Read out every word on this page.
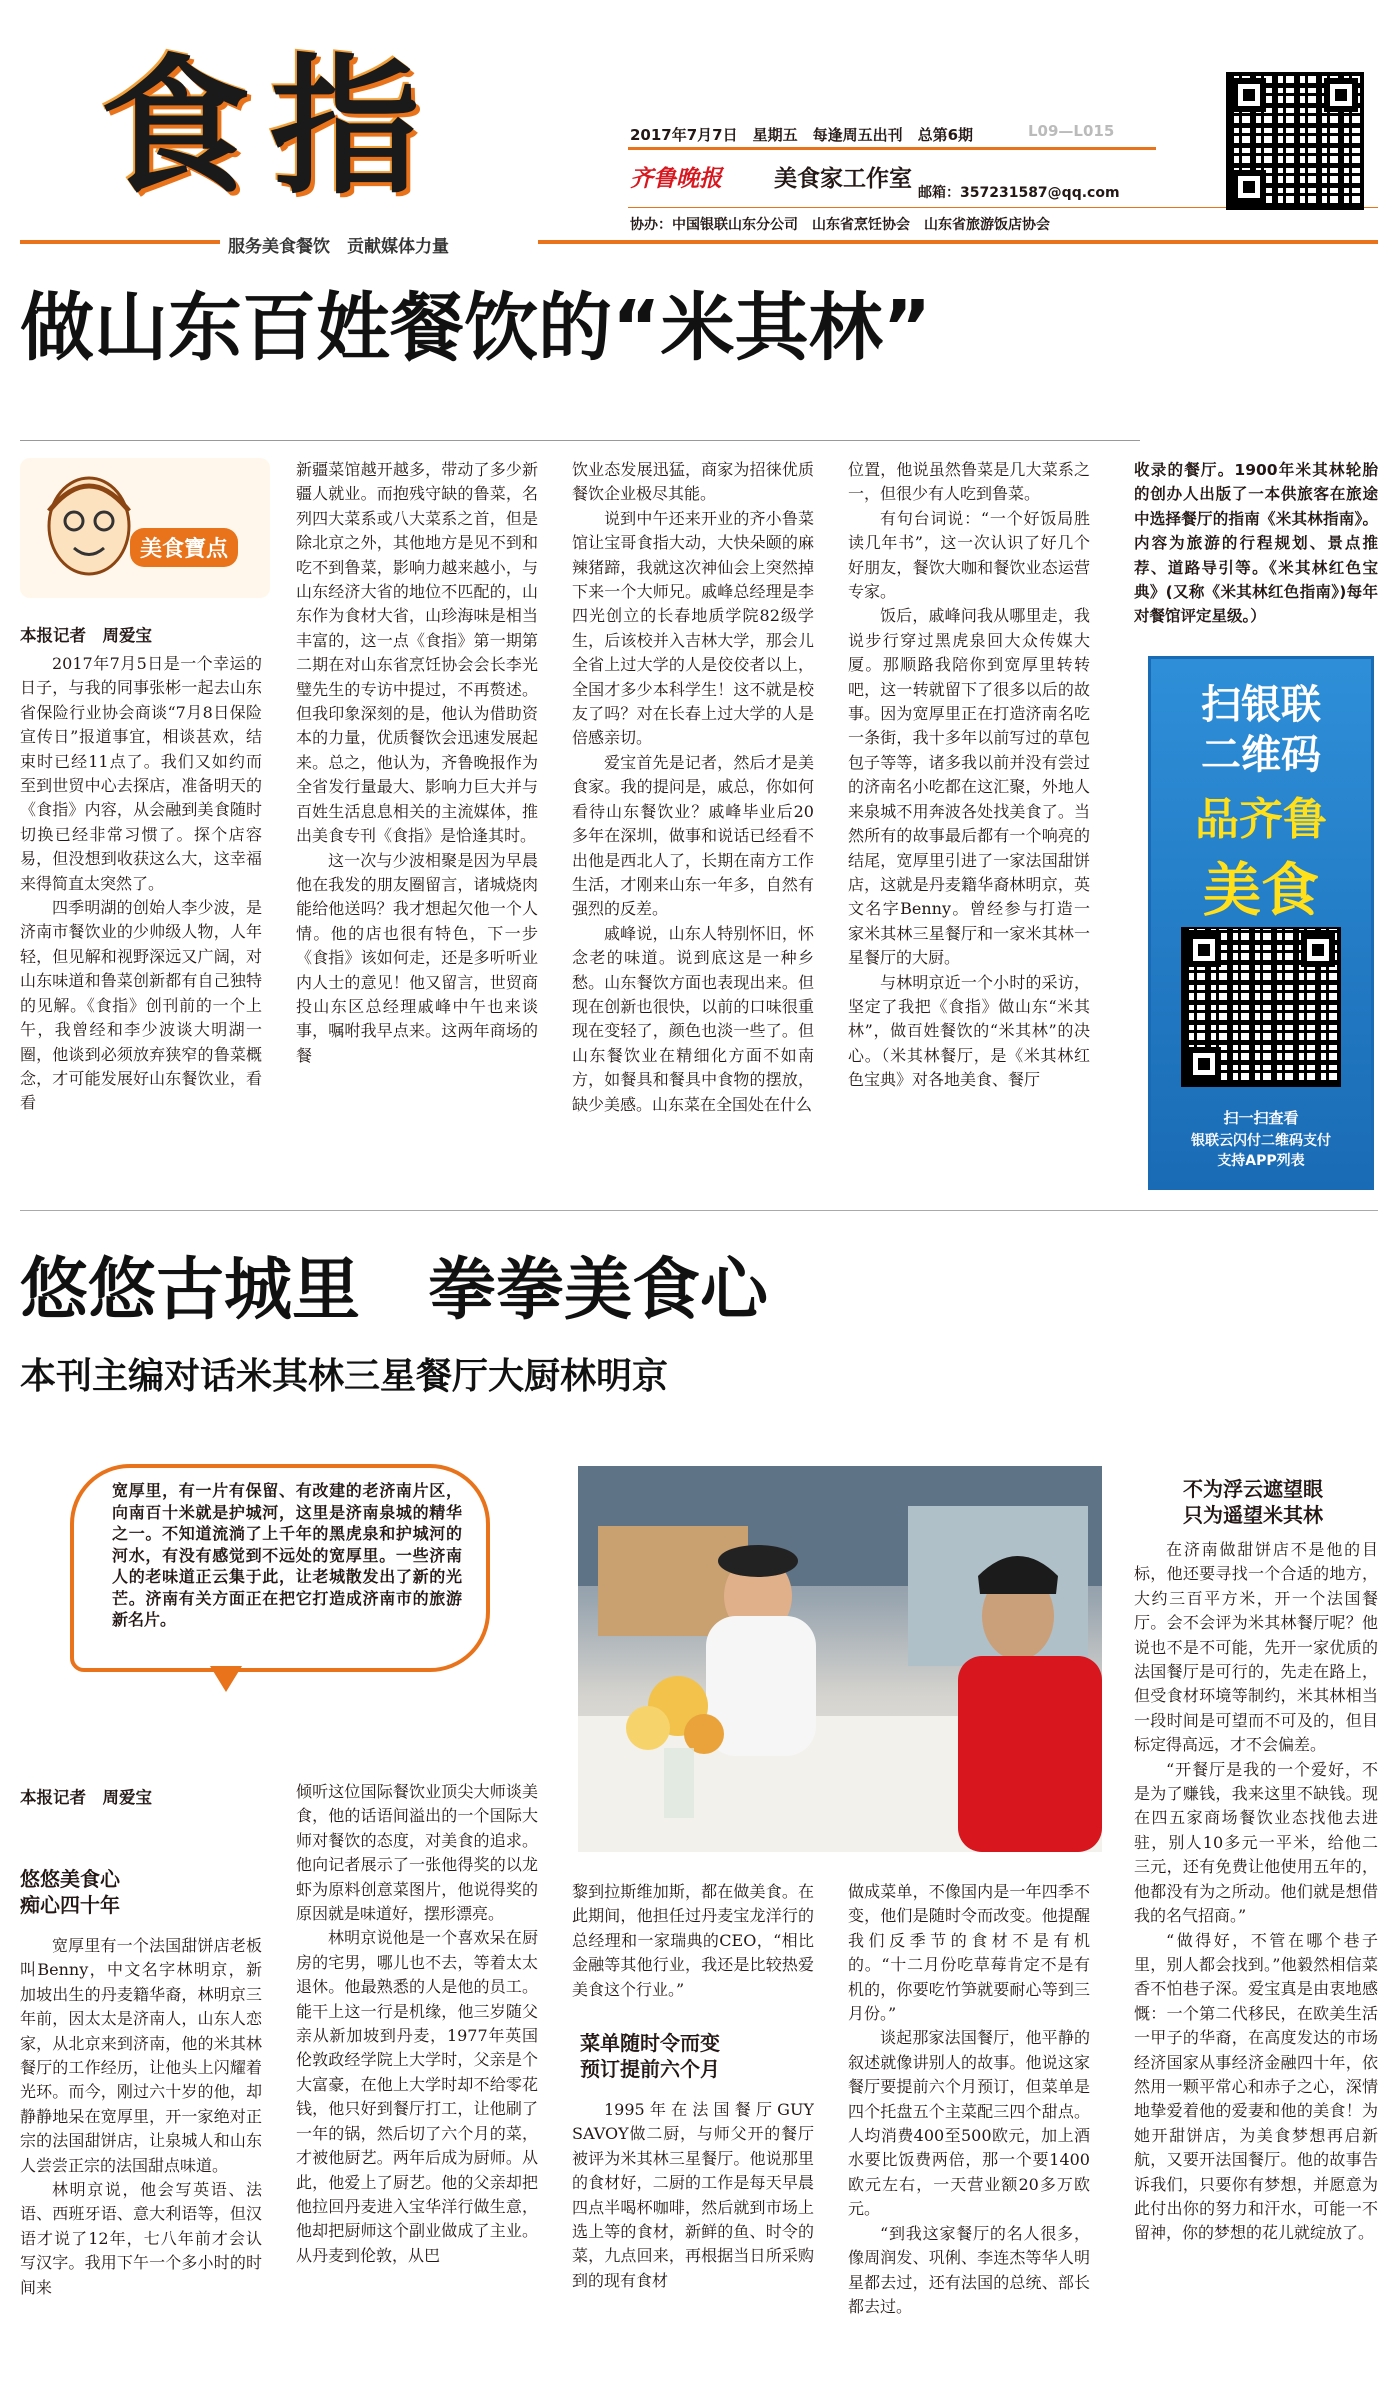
食指
服务美食餐饮　贡献媒体力量
2017年7月7日　星期五　每逢周五出刊　总第6期	L09—L015
齐鲁晚报 美食家工作室
邮箱：357231587@qq.com
协办：中国银联山东分公司　山东省烹饪协会　山东省旅游饭店协会
做山东百姓餐饮的“米其林”
美食寶点
本报记者　周爱宝

2017年7月5日是一个幸运的日子，与我的同事张彬一起去山东省保险行业协会商谈“7月8日保险宣传日”报道事宜，相谈甚欢，结束时已经11点了。我们又如约而至到世贸中心去探店，准备明天的《食指》内容，从会融到美食随时切换已经非常习惯了。探个店容易，但没想到收获这么大，这幸福来得简直太突然了。

四季明湖的创始人李少波，是济南市餐饮业的少帅级人物，人年轻，但见解和视野深远又广阔，对山东味道和鲁菜创新都有自己独特的见解。《食指》创刊前的一个上午，我曾经和李少波谈大明湖一圈，他谈到必须放弃狭窄的鲁菜概念，才可能发展好山东餐饮业，看看

新疆菜馆越开越多，带动了多少新疆人就业。而抱残守缺的鲁菜，名列四大菜系或八大菜系之首，但是除北京之外，其他地方是见不到和吃不到鲁菜，影响力越来越小，与山东经济大省的地位不匹配的，山东作为食材大省，山珍海味是相当丰富的，这一点《食指》第一期第二期在对山东省烹饪协会会长李光璧先生的专访中提过，不再赘述。但我印象深刻的是，他认为借助资本的力量，优质餐饮会迅速发展起来。总之，他认为，齐鲁晚报作为全省发行量最大、影响力巨大并与百姓生活息息相关的主流媒体，推出美食专刊《食指》是恰逢其时。

这一次与少波相聚是因为早晨他在我发的朋友圈留言，诸城烧肉能给他送吗？我才想起欠他一个人情。他的店也很有特色，下一步《食指》该如何走，还是多听听业内人士的意见！他又留言，世贸商投山东区总经理戚峰中午也来谈事，嘱咐我早点来。这两年商场的餐

饮业态发展迅猛，商家为招徕优质餐饮企业极尽其能。

说到中午还来开业的齐小鲁菜馆让宝哥食指大动，大快朵颐的麻辣猪蹄，我就这次神仙会上突然掉下来一个大师兄。戚峰总经理是李四光创立的长春地质学院82级学生，后该校并入吉林大学，那会儿全省上过大学的人是佼佼者以上，全国才多少本科学生！这不就是校友了吗？对在长春上过大学的人是倍感亲切。

爱宝首先是记者，然后才是美食家。我的提问是，戚总，你如何看待山东餐饮业？戚峰毕业后20多年在深圳，做事和说话已经看不出他是西北人了，长期在南方工作生活，才刚来山东一年多，自然有强烈的反差。

戚峰说，山东人特别怀旧，怀念老的味道。说到底这是一种乡愁。山东餐饮方面也表现出来。但现在创新也很快，以前的口味很重现在变轻了，颜色也淡一些了。但山东餐饮业在精细化方面不如南方，如餐具和餐具中食物的摆放，缺少美感。山东菜在全国处在什么

位置，他说虽然鲁菜是几大菜系之一，但很少有人吃到鲁菜。

有句台词说：“一个好饭局胜读几年书”，这一次认识了好几个好朋友，餐饮大咖和餐饮业态运营专家。

饭后，戚峰问我从哪里走，我说步行穿过黑虎泉回大众传媒大厦。那顺路我陪你到宽厚里转转吧，这一转就留下了很多以后的故事。因为宽厚里正在打造济南名吃一条街，我十多年以前写过的草包包子等等，诸多我以前并没有尝过的济南名小吃都在这汇聚，外地人来泉城不用奔波各处找美食了。当然所有的故事最后都有一个响亮的结尾，宽厚里引进了一家法国甜饼店，这就是丹麦籍华裔林明京，英文名字Benny。曾经参与打造一家米其林三星餐厅和一家米其林一星餐厅的大厨。

与林明京近一个小时的采访，坚定了我把《食指》做山东“米其林”，做百姓餐饮的“米其林”的决心。（米其林餐厅，是《米其林红色宝典》对各地美食、餐厅

收录的餐厅。1900年米其林轮胎的创办人出版了一本供旅客在旅途中选择餐厅的指南《米其林指南》。内容为旅游的行程规划、景点推荐、道路导引等。《米其林红色宝典》(又称《米其林红色指南》)每年对餐馆评定星级。）

扫银联
二维码
品齐鲁
美食
扫一扫查看
银联云闪付二维码支付
支持APP列表
悠悠古城里　拳拳美食心
本刊主编对话米其林三星餐厅大厨林明京
宽厚里，有一片有保留、有改建的老济南片区，向南百十米就是护城河，这里是济南泉城的精华之一。不知道流淌了上千年的黑虎泉和护城河的河水，有没有感觉到不远处的宽厚里。一些济南人的老味道正云集于此，让老城散发出了新的光芒。济南有关方面正在把它打造成济南市的旅游新名片。
不为浮云遮望眼
只为遥望米其林
本报记者　周爱宝
悠悠美食心
痴心四十年

宽厚里有一个法国甜饼店老板叫Benny，中文名字林明京，新加坡出生的丹麦籍华裔，林明京三年前，因太太是济南人，山东人恋家，从北京来到济南，他的米其林餐厅的工作经历，让他头上闪耀着光环。而今，刚过六十岁的他，却静静地呆在宽厚里，开一家绝对正宗的法国甜饼店，让泉城人和山东人尝尝正宗的法国甜点味道。

林明京说，他会写英语、法语、西班牙语、意大利语等，但汉语才说了12年，七八年前才会认写汉字。我用下午一个多小时的时间来

倾听这位国际餐饮业顶尖大师谈美食，他的话语间溢出的一个国际大师对餐饮的态度，对美食的追求。他向记者展示了一张他得奖的以龙虾为原料创意菜图片，他说得奖的原因就是味道好，摆形漂亮。

林明京说他是一个喜欢呆在厨房的宅男，哪儿也不去，等着太太退休。他最熟悉的人是他的员工。能干上这一行是机缘，他三岁随父亲从新加坡到丹麦，1977年英国伦敦政经学院上大学时，父亲是个大富豪，在他上大学时却不给零花钱，他只好到餐厅打工，让他刷了一年的锅，然后切了六个月的菜，才被他厨艺。两年后成为厨师。从此，他爱上了厨艺。他的父亲却把他拉回丹麦进入宝华洋行做生意，他却把厨师这个副业做成了主业。从丹麦到伦敦，从巴

黎到拉斯维加斯，都在做美食。在此期间，他担任过丹麦宝龙洋行的总经理和一家瑞典的CEO，“相比金融等其他行业，我还是比较热爱美食这个行业。”

菜单随时令而变
预订提前六个月

1995年在法国餐厅GUY SAVOY做二厨，与师父开的餐厅被评为米其林三星餐厅。他说那里的食材好，二厨的工作是每天早晨四点半喝杯咖啡，然后就到市场上选上等的食材，新鲜的鱼、时令的菜，九点回来，再根据当日所采购到的现有食材

做成菜单，不像国内是一年四季不变，他们是随时令而改变。他提醒我们反季节的食材不是有机的。“十二月份吃草莓肯定不是有机的，你要吃竹笋就要耐心等到三月份。”

谈起那家法国餐厅，他平静的叙述就像讲别人的故事。他说这家餐厅要提前六个月预订，但菜单是四个托盘五个主菜配三四个甜点。人均消费400至500欧元，加上酒水要比饭费两倍，那一个要1400欧元左右，一天营业额20多万欧元。

“到我这家餐厅的名人很多，像周润发、巩俐、李连杰等华人明星都去过，还有法国的总统、部长都去过。

在济南做甜饼店不是他的目标，他还要寻找一个合适的地方，大约三百平方米，开一个法国餐厅。会不会评为米其林餐厅呢？他说也不是不可能，先开一家优质的法国餐厅是可行的，先走在路上，但受食材环境等制约，米其林相当一段时间是可望而不可及的，但目标定得高远，才不会偏差。

“开餐厅是我的一个爱好，不是为了赚钱，我来这里不缺钱。现在四五家商场餐饮业态找他去进驻，别人10多元一平米，给他二三元，还有免费让他使用五年的，他都没有为之所动。他们就是想借我的名气招商。”

“做得好，不管在哪个巷子里，别人都会找到。”他毅然相信菜香不怕巷子深。爱宝真是由衷地感慨：一个第二代移民，在欧美生活一甲子的华裔，在高度发达的市场经济国家从事经济金融四十年，依然用一颗平常心和赤子之心，深情地挚爱着他的爱妻和他的美食！为她开甜饼店，为美食梦想再启新航，又要开法国餐厅。他的故事告诉我们，只要你有梦想，并愿意为此付出你的努力和汗水，可能一不留神，你的梦想的花儿就绽放了。
